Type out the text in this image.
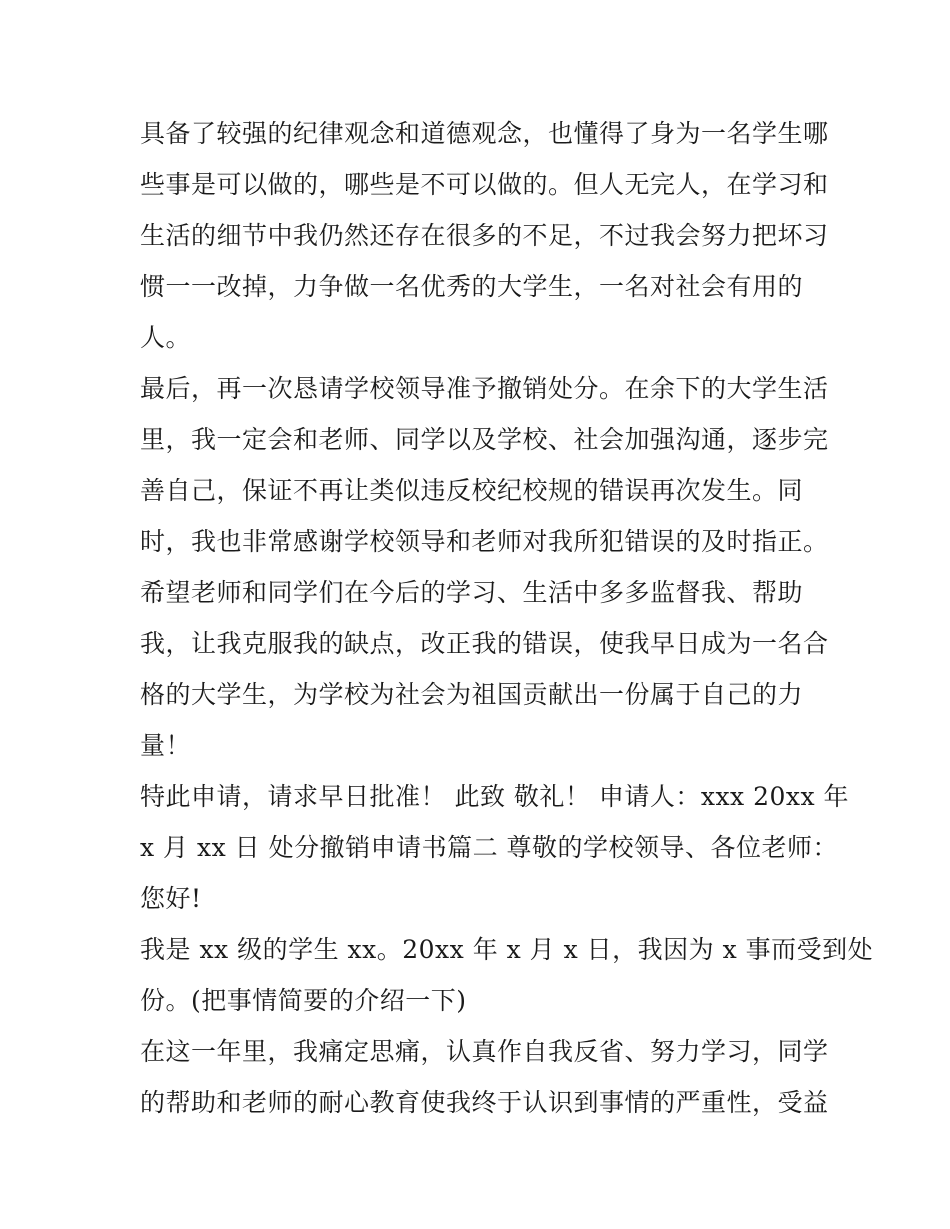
具备了较强的纪律观念和道德观念，也懂得了身为一名学生哪
些事是可以做的，哪些是不可以做的。但人无完人，在学习和
生活的细节中我仍然还存在很多的不足，不过我会努力把坏习
惯一一改掉，力争做一名优秀的大学生，一名对社会有用的
人。
最后，再一次恳请学校领导准予撤销处分。在余下的大学生活
里，我一定会和老师、同学以及学校、社会加强沟通，逐步完
善自己，保证不再让类似违反校纪校规的错误再次发生。同
时，我也非常感谢学校领导和老师对我所犯错误的及时指正。
希望老师和同学们在今后的学习、生活中多多监督我、帮助
我，让我克服我的缺点，改正我的错误，使我早日成为一名合
格的大学生，为学校为社会为祖国贡献出一份属于自己的力
量！
特此申请，请求早日批准！ 此致 敬礼！ 申请人：xxx 20xx 年
x 月 xx 日 处分撤销申请书篇二 尊敬的学校领导、各位老师：
您好!
我是 xx 级的学生 xx。20xx 年 x 月 x 日，我因为 x 事而受到处
份。(把事情简要的介绍一下)
在这一年里，我痛定思痛，认真作自我反省、努力学习，同学
的帮助和老师的耐心教育使我终于认识到事情的严重性，受益
